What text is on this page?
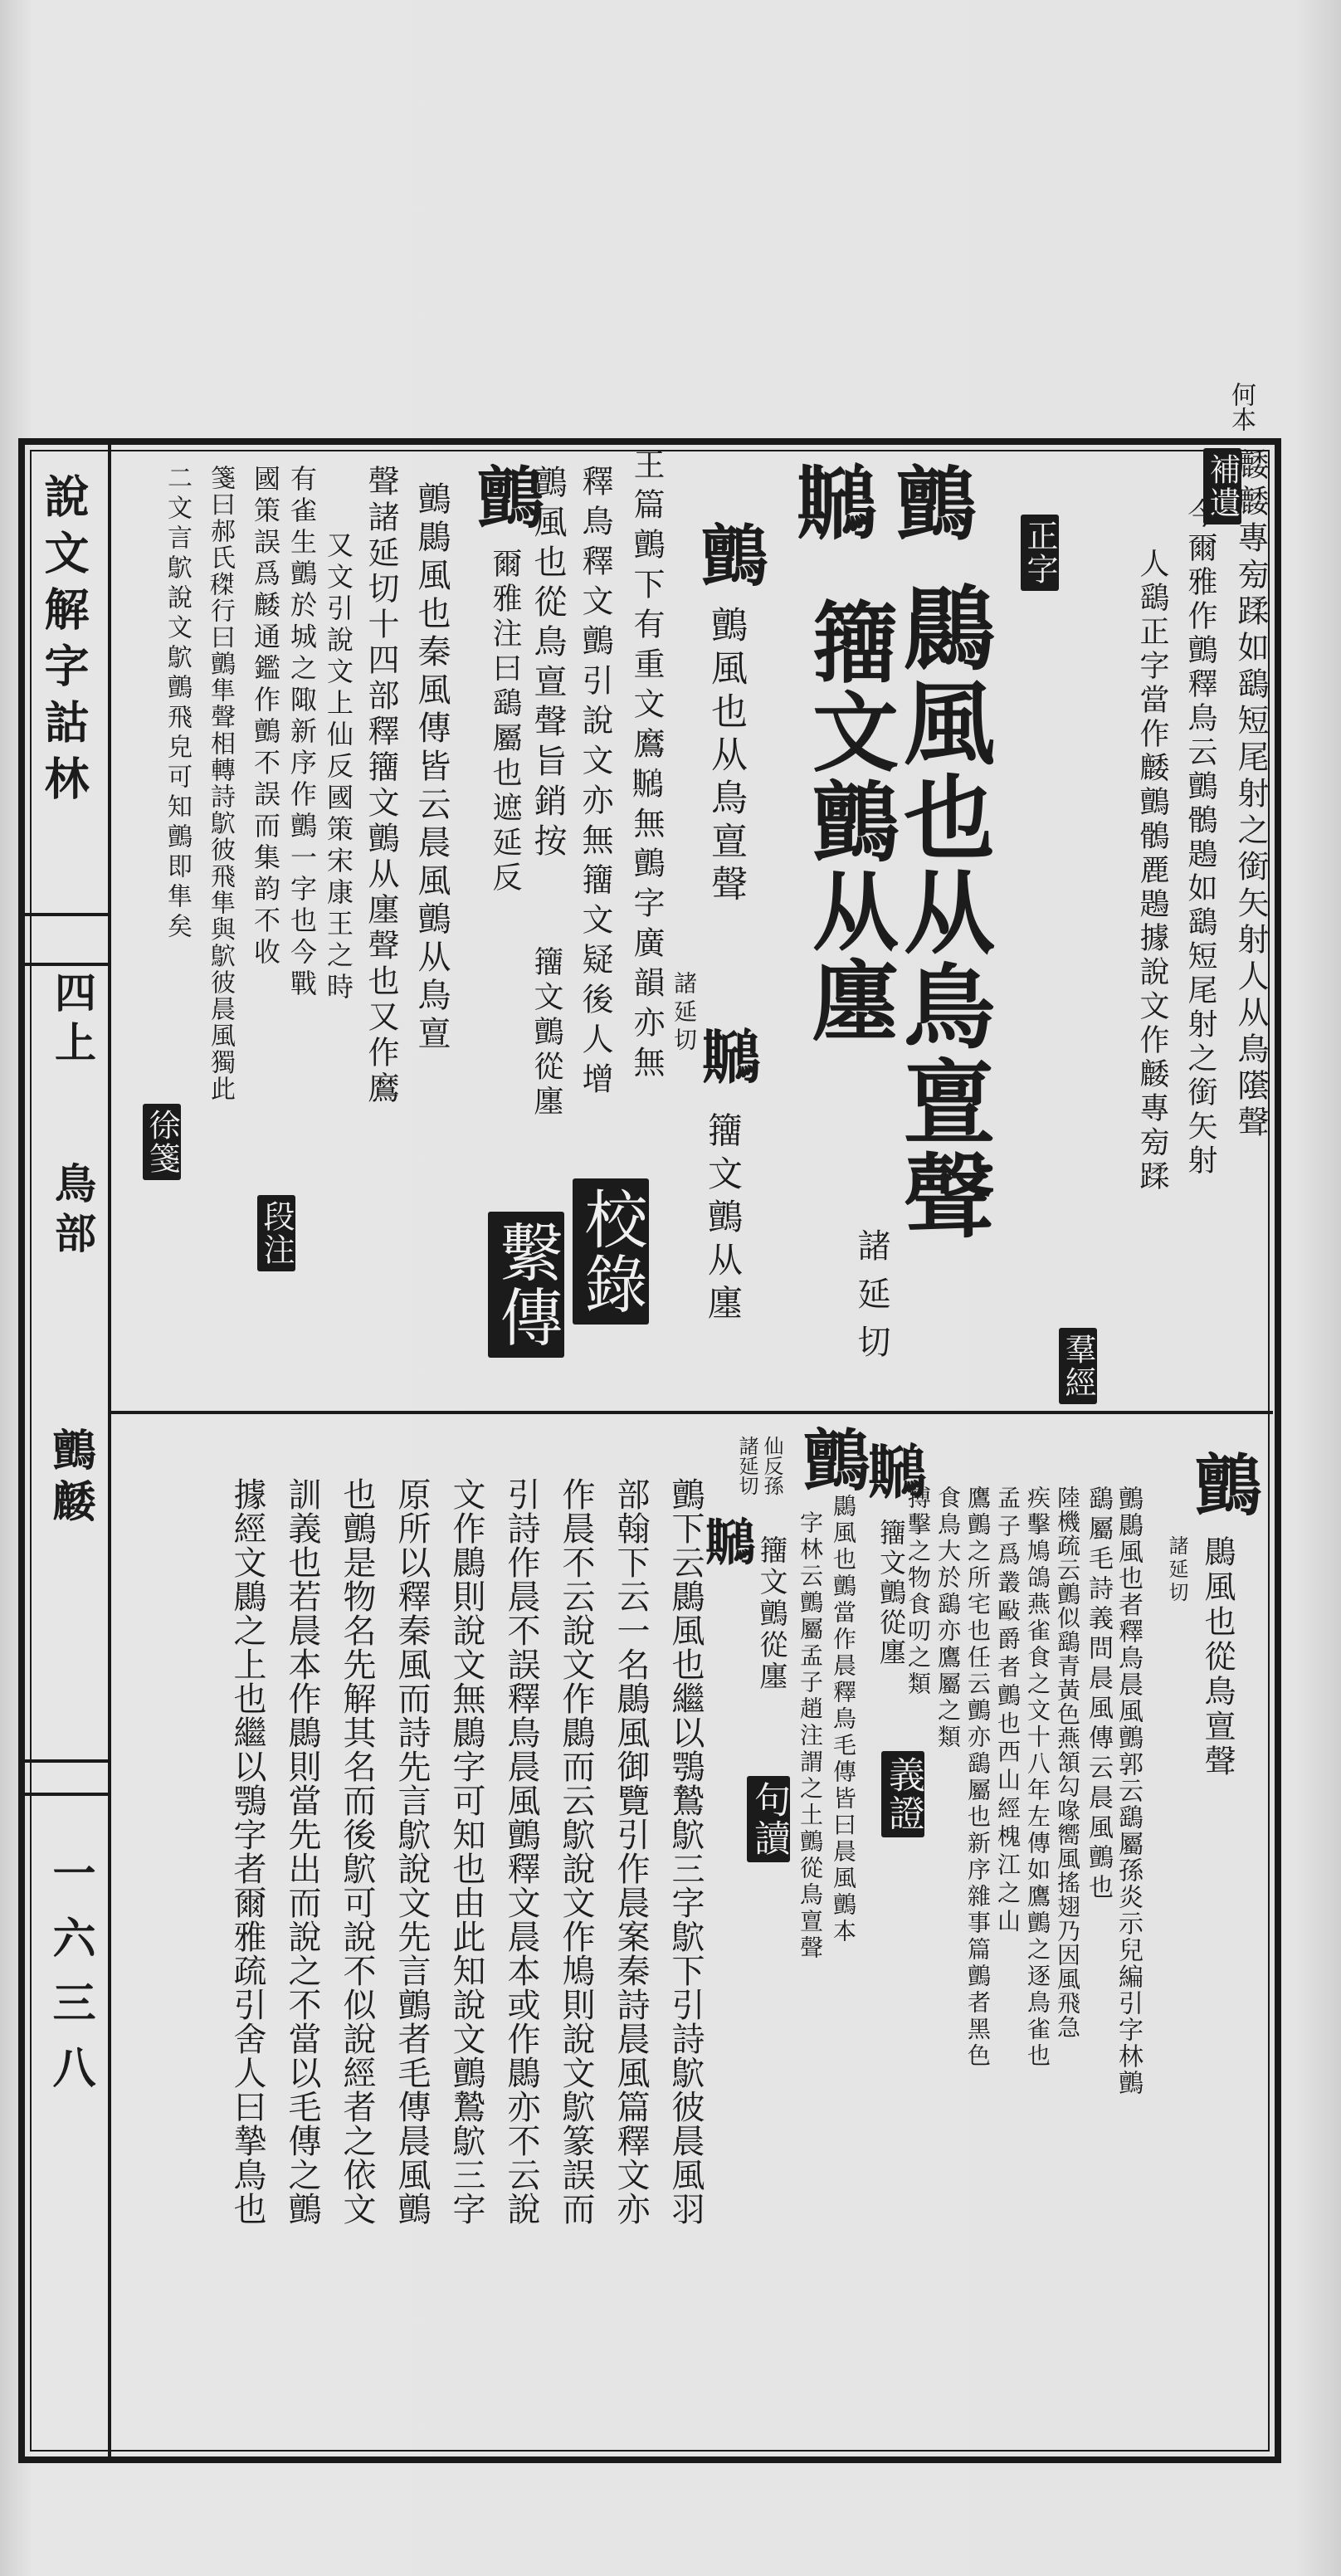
說文解字詁林
四上
鳥部
鸇䴧
一六三八
何本
補遺
䴧䴧專㫄蹂如鷂短尾射之銜矢射人从鳥𨼲聲
今爾雅作鸇釋鳥云鸇鶻鶗如鷂短尾射之銜矢射
人鷂正字當作䴧鸇鶻䴡鶗據說文作䴧專㫄蹂
正字
羣經
鸇
鷐風也从鳥亶聲
諸延切
𪆁
籒文鸇从廛
鸇
鸇風也从鳥亶聲
諸延切
𪆁
籒文鸇从廛
王篇鸇下有重文䳸𪆁無鸇字廣韻亦無
釋鳥釋文鸇引說文亦無籒文疑後人增
校錄
鸇
鸇風也從鳥亶聲旨銷按
籒文鸇從廛
爾雅注曰鷂屬也遮延反
繫傳
鸇鷐風也秦風傳皆云晨風鸇从鳥亶
聲諸延切十四部釋籒文鸇从廛聲也又作䳸
又文引說文上仙反國策宋康王之時
有雀生鸇於城之陬新序作鸇一字也今戰
國策誤爲䴧通鑑作鸇不誤而集韵不收
段注
箋曰郝氏𥠹行曰鸇隼聲相轉詩鴥彼飛隼與鴥彼晨風獨此
二文言鴥說文鴥鸇飛皃可知鸇即隼矣
徐箋
鸇
鷐風也從鳥亶聲
諸延切
鸇鷐風也者釋鳥晨風鸇郭云鷂屬孫炎示兒編引字林鸇
鷂屬毛詩義問晨風傳云晨風鸇也
陸機疏云鸇似鷂青黃色燕頷勾喙嚮風搖翅乃因風飛急
疾擊鳩鴿燕雀食之文十八年左傳如鷹鸇之逐鳥雀也
孟子爲叢敺爵者鸇也西山經槐江之山
鷹鸇之所宅也任云鸇亦鷂屬也新序雜事篇鸇者黑色
食鳥大於鷂亦鷹屬之類
搏擊之物食叨之類
𪆁
籒文鸇從廛
義證
鸇
鷐風也鸇當作晨釋鳥毛傳皆曰晨風鸇本
字林云鸇屬孟子趙注謂之土鸇從鳥亶聲
仙反孫
諸延切
𪆁 籒文鸇從廛
句讀
鸇下云鷐風也繼以鶚鷙鴥三字鴥下引詩鴥彼晨風羽
部翰下云一名鷐風御覽引作晨案秦詩晨風篇釋文亦
作晨不云說文作鷐而云鴥說文作鳩則說文鴥篆誤而
引詩作晨不誤釋鳥晨風鸇釋文晨本或作鷐亦不云說
文作鷐則說文無鷐字可知也由此知說文鸇鷙鴥三字
原所以釋秦風而詩先言鴥說文先言鸇者毛傳晨風鸇
也鸇是物名先解其名而後鴥可說不似說經者之依文
訓義也若晨本作鷐則當先出而說之不當以毛傳之鸇
據經文鷐之上也繼以鶚字者爾雅疏引舍人曰摯鳥也
